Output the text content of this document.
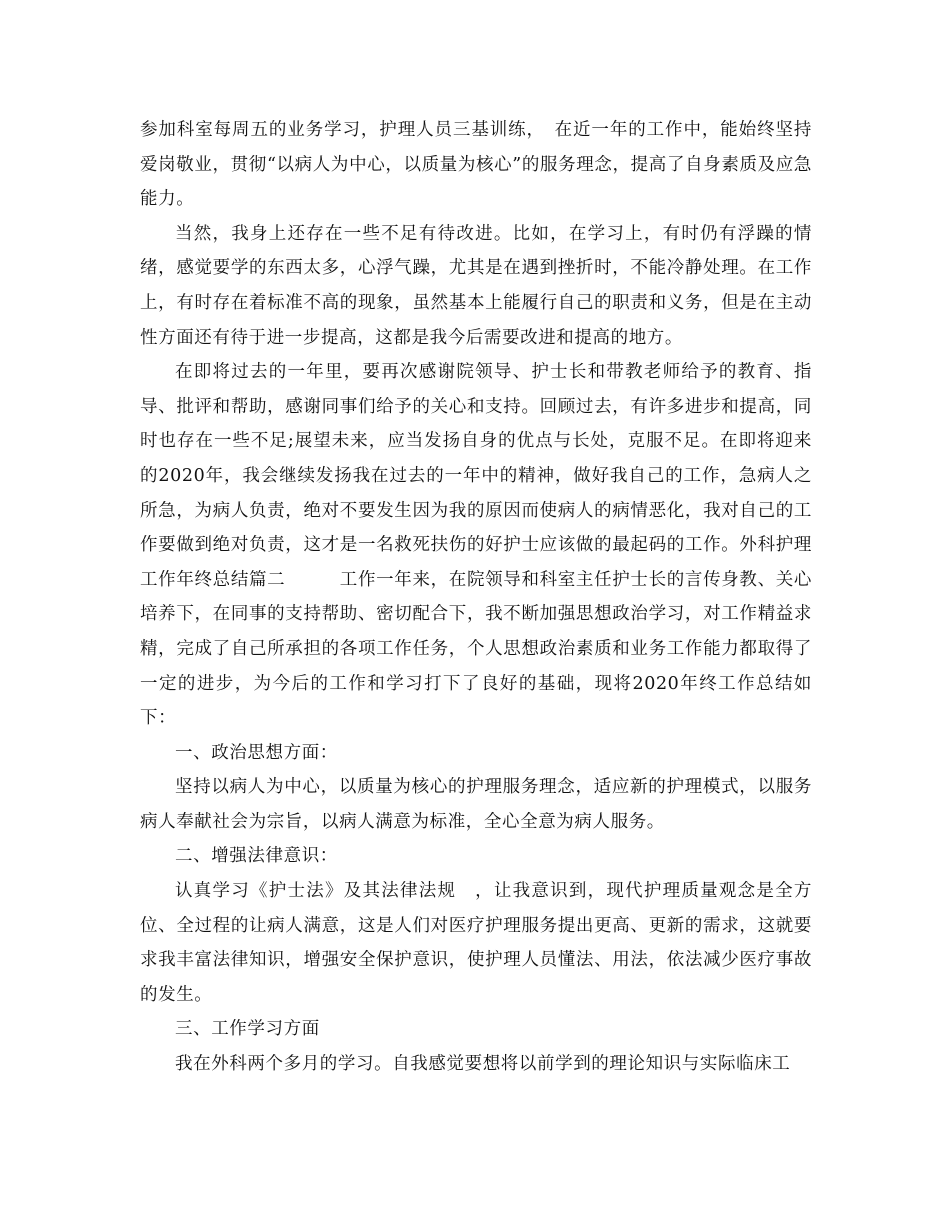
参加科室每周五的业务学习，护理人员三基训练，　在近一年的工作中，能始终坚持爱岗敬业，贯彻“以病人为中心，以质量为核心”的服务理念，提高了自身素质及应急能力。

当然，我身上还存在一些不足有待改进。比如，在学习上，有时仍有浮躁的情绪，感觉要学的东西太多，心浮气躁，尤其是在遇到挫折时，不能冷静处理。在工作上，有时存在着标准不高的现象，虽然基本上能履行自己的职责和义务，但是在主动性方面还有待于进一步提高，这都是我今后需要改进和提高的地方。

在即将过去的一年里，要再次感谢院领导、护士长和带教老师给予的教育、指导、批评和帮助，感谢同事们给予的关心和支持。回顾过去，有许多进步和提高，同时也存在一些不足;展望未来，应当发扬自身的优点与长处，克服不足。在即将迎来的2020年，我会继续发扬我在过去的一年中的精神，做好我自己的工作，急病人之所急，为病人负责，绝对不要发生因为我的原因而使病人的病情恶化，我对自己的工作要做到绝对负责，这才是一名救死扶伤的好护士应该做的最起码的工作。外科护理工作年终总结篇二　　　工作一年来，在院领导和科室主任护士长的言传身教、关心培养下，在同事的支持帮助、密切配合下，我不断加强思想政治学习，对工作精益求精，完成了自己所承担的各项工作任务，个人思想政治素质和业务工作能力都取得了一定的进步，为今后的工作和学习打下了良好的基础，现将2020年终工作总结如下：

一、政治思想方面：

坚持以病人为中心，以质量为核心的护理服务理念，适应新的护理模式，以服务病人奉献社会为宗旨，以病人满意为标准，全心全意为病人服务。

二、增强法律意识：

认真学习《护士法》及其法律法规　，让我意识到，现代护理质量观念是全方位、全过程的让病人满意，这是人们对医疗护理服务提出更高、更新的需求，这就要求我丰富法律知识，增强安全保护意识，使护理人员懂法、用法，依法减少医疗事故的发生。

三、工作学习方面

我在外科两个多月的学习。自我感觉要想将以前学到的理论知识与实际临床工
